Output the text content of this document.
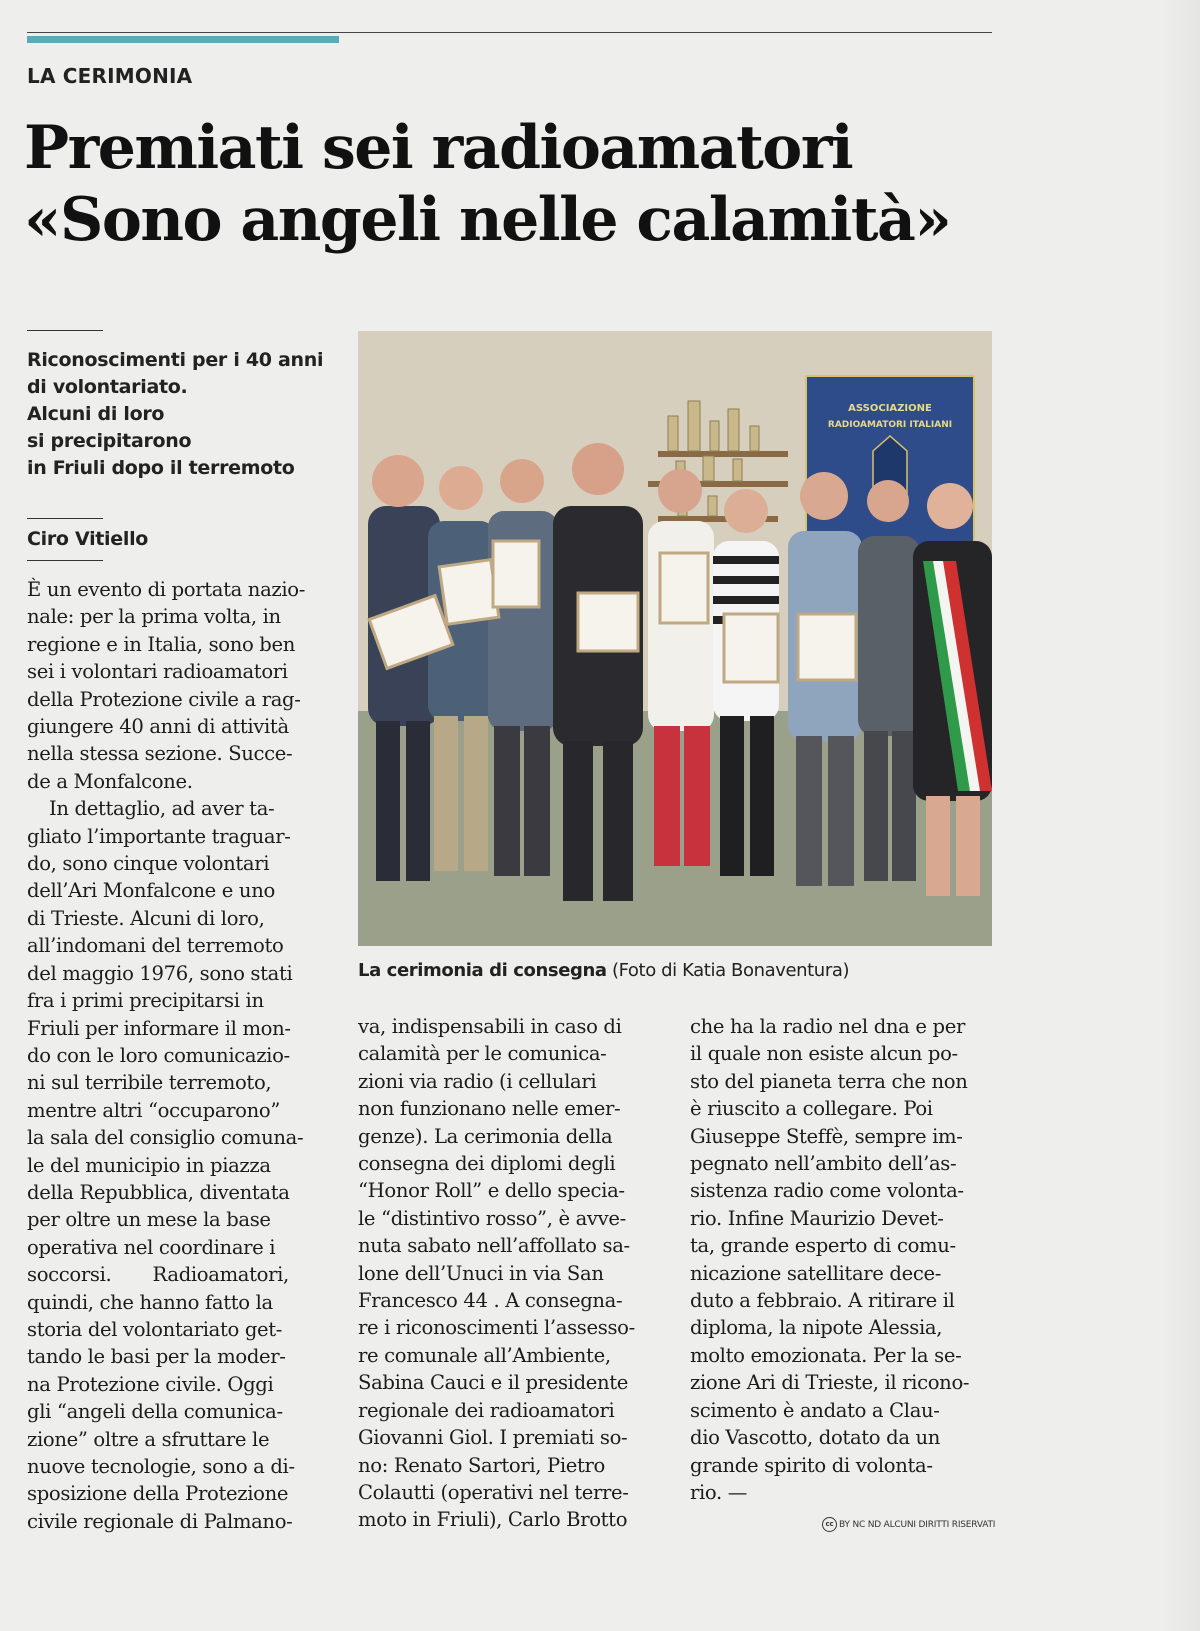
LA CERIMONIA
Premiati sei radioamatori
«Sono angeli nelle calamità»
Riconoscimenti per i 40 anni
di volontariato.
Alcuni di loro
si precipitarono
in Friuli dopo il terremoto
Ciro Vitiello
ASSOCIAZIONE
RADIOAMATORI ITALIANI
La cerimonia di consegna (Foto di Katia Bonaventura)
È un evento di portata nazio-
nale: per la prima volta, in
regione e in Italia, sono ben
sei i volontari radioamatori
della Protezione civile a rag-
giungere 40 anni di attività
nella stessa sezione. Succe-
de a Monfalcone.
In dettaglio, ad aver ta-
gliato l’importante traguar-
do, sono cinque volontari
dell’Ari Monfalcone e uno
di Trieste. Alcuni di loro,
all’indomani del terremoto
del maggio 1976, sono stati
fra i primi precipitarsi in
Friuli per informare il mon-
do con le loro comunicazio-
ni sul terribile terremoto,
mentre altri “occuparono”
la sala del consiglio comuna-
le del municipio in piazza
della Repubblica, diventata
per oltre un mese la base
operativa nel coordinare i
soccorsi.       Radioamatori,
quindi, che hanno fatto la
storia del volontariato get-
tando le basi per la moder-
na Protezione civile. Oggi
gli “angeli della comunica-
zione” oltre a sfruttare le
nuove tecnologie, sono a di-
sposizione della Protezione
civile regionale di Palmano-
va, indispensabili in caso di
calamità per le comunica-
zioni via radio (i cellulari
non funzionano nelle emer-
genze). La cerimonia della
consegna dei diplomi degli
“Honor Roll” e dello specia-
le “distintivo rosso”, è avve-
nuta sabato nell’affollato sa-
lone dell’Unuci in via San
Francesco 44 . A consegna-
re i riconoscimenti l’assesso-
re comunale all’Ambiente,
Sabina Cauci e il presidente
regionale dei radioamatori
Giovanni Giol. I premiati so-
no: Renato Sartori, Pietro
Colautti (operativi nel terre-
moto in Friuli), Carlo Brotto
che ha la radio nel dna e per
il quale non esiste alcun po-
sto del pianeta terra che non
è riuscito a collegare. Poi
Giuseppe Steffè, sempre im-
pegnato nell’ambito dell’as-
sistenza radio come volonta-
rio. Infine Maurizio Devet-
ta, grande esperto di comu-
nicazione satellitare dece-
duto a febbraio. A ritirare il
diploma, la nipote Alessia,
molto emozionata. Per la se-
zione Ari di Trieste, il ricono-
scimento è andato a Clau-
dio Vascotto, dotato da un
grande spirito di volonta-
rio. —
cc BY NC ND ALCUNI DIRITTI RISERVATI
